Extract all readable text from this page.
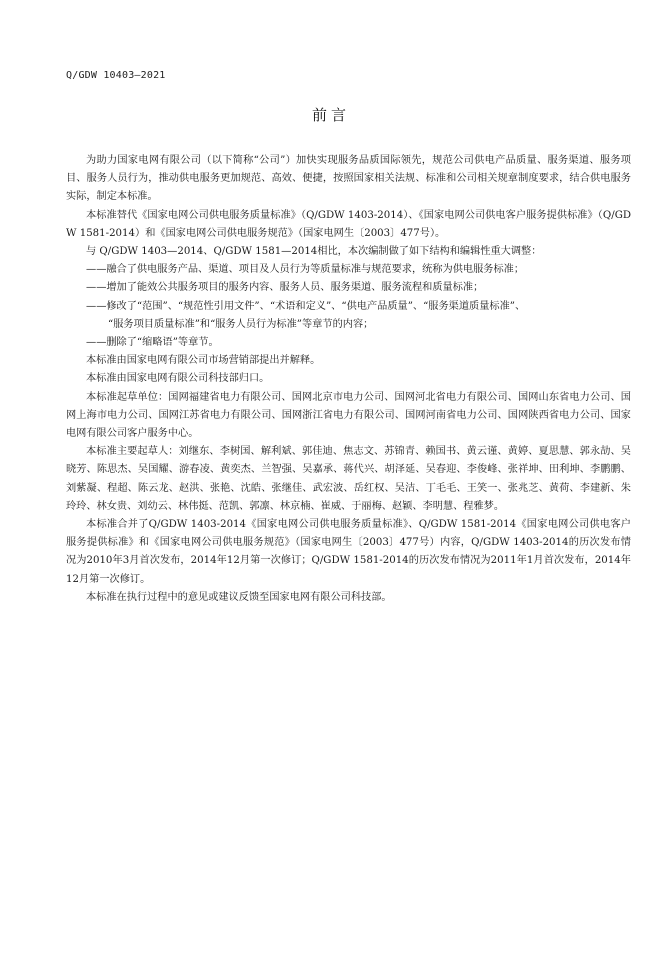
Q/GDW 10403—2021
前言

为助力国家电网有限公司（以下简称“公司”）加快实现服务品质国际领先，规范公司供电产品质量、服务渠道、服务项目、服务人员行为，推动供电服务更加规范、高效、便捷，按照国家相关法规、标准和公司相关规章制度要求，结合供电服务实际，制定本标准。

本标准替代《国家电网公司供电服务质量标准》（Q/GDW 1403-2014）、《国家电网公司供电客户服务提供标准》（Q/GDW 1581-2014）和《国家电网公司供电服务规范》（国家电网生〔2003〕477号）。

与 Q/GDW 1403—2014、Q/GDW 1581—2014相比，本次编制做了如下结构和编辑性重大调整：

——融合了供电服务产品、渠道、项目及人员行为等质量标准与规范要求，统称为供电服务标准；

——增加了能效公共服务项目的服务内容、服务人员、服务渠道、服务流程和质量标准；

——修改了“范围”、“规范性引用文件”、“术语和定义”、“供电产品质量”、“服务渠道质量标准”、

“服务项目质量标准”和“服务人员行为标准”等章节的内容；

——删除了“缩略语”等章节。

本标准由国家电网有限公司市场营销部提出并解释。

本标准由国家电网有限公司科技部归口。

本标准起草单位：国网福建省电力有限公司、国网北京市电力公司、国网河北省电力有限公司、国网山东省电力公司、国网上海市电力公司、国网江苏省电力有限公司、国网浙江省电力有限公司、国网河南省电力公司、国网陕西省电力公司、国家电网有限公司客户服务中心。

本标准主要起草人：刘继东、李树国、解利斌、郭佳迪、焦志文、苏锦青、赖国书、黄云谨、黄婷、夏思慧、郭永劼、吴晓芳、陈思杰、吴国耀、游春凌、黄奕杰、兰智强、吴嘉承、蒋代兴、胡泽延、吴春迎、李俊峰、张祥坤、田利坤、李鹏鹏、刘紫凝、程超、陈云龙、赵洪、张艳、沈皓、张继佳、武宏波、岳红权、吴洁、丁毛毛、王笑一、张兆芝、黄荷、李建新、朱玲玲、林女贵、刘幼云、林伟挺、范凯、郭凛、林京楠、崔威、于丽梅、赵颖、李明慧、程雅梦。

本标准合并了Q/GDW 1403-2014《国家电网公司供电服务质量标准》、Q/GDW 1581-2014《国家电网公司供电客户服务提供标准》和《国家电网公司供电服务规范》（国家电网生〔2003〕477号）内容，Q/GDW 1403-2014的历次发布情况为2010年3月首次发布，2014年12月第一次修订；Q/GDW 1581-2014的历次发布情况为2011年1月首次发布，2014年12月第一次修订。

本标准在执行过程中的意见或建议反馈至国家电网有限公司科技部。
